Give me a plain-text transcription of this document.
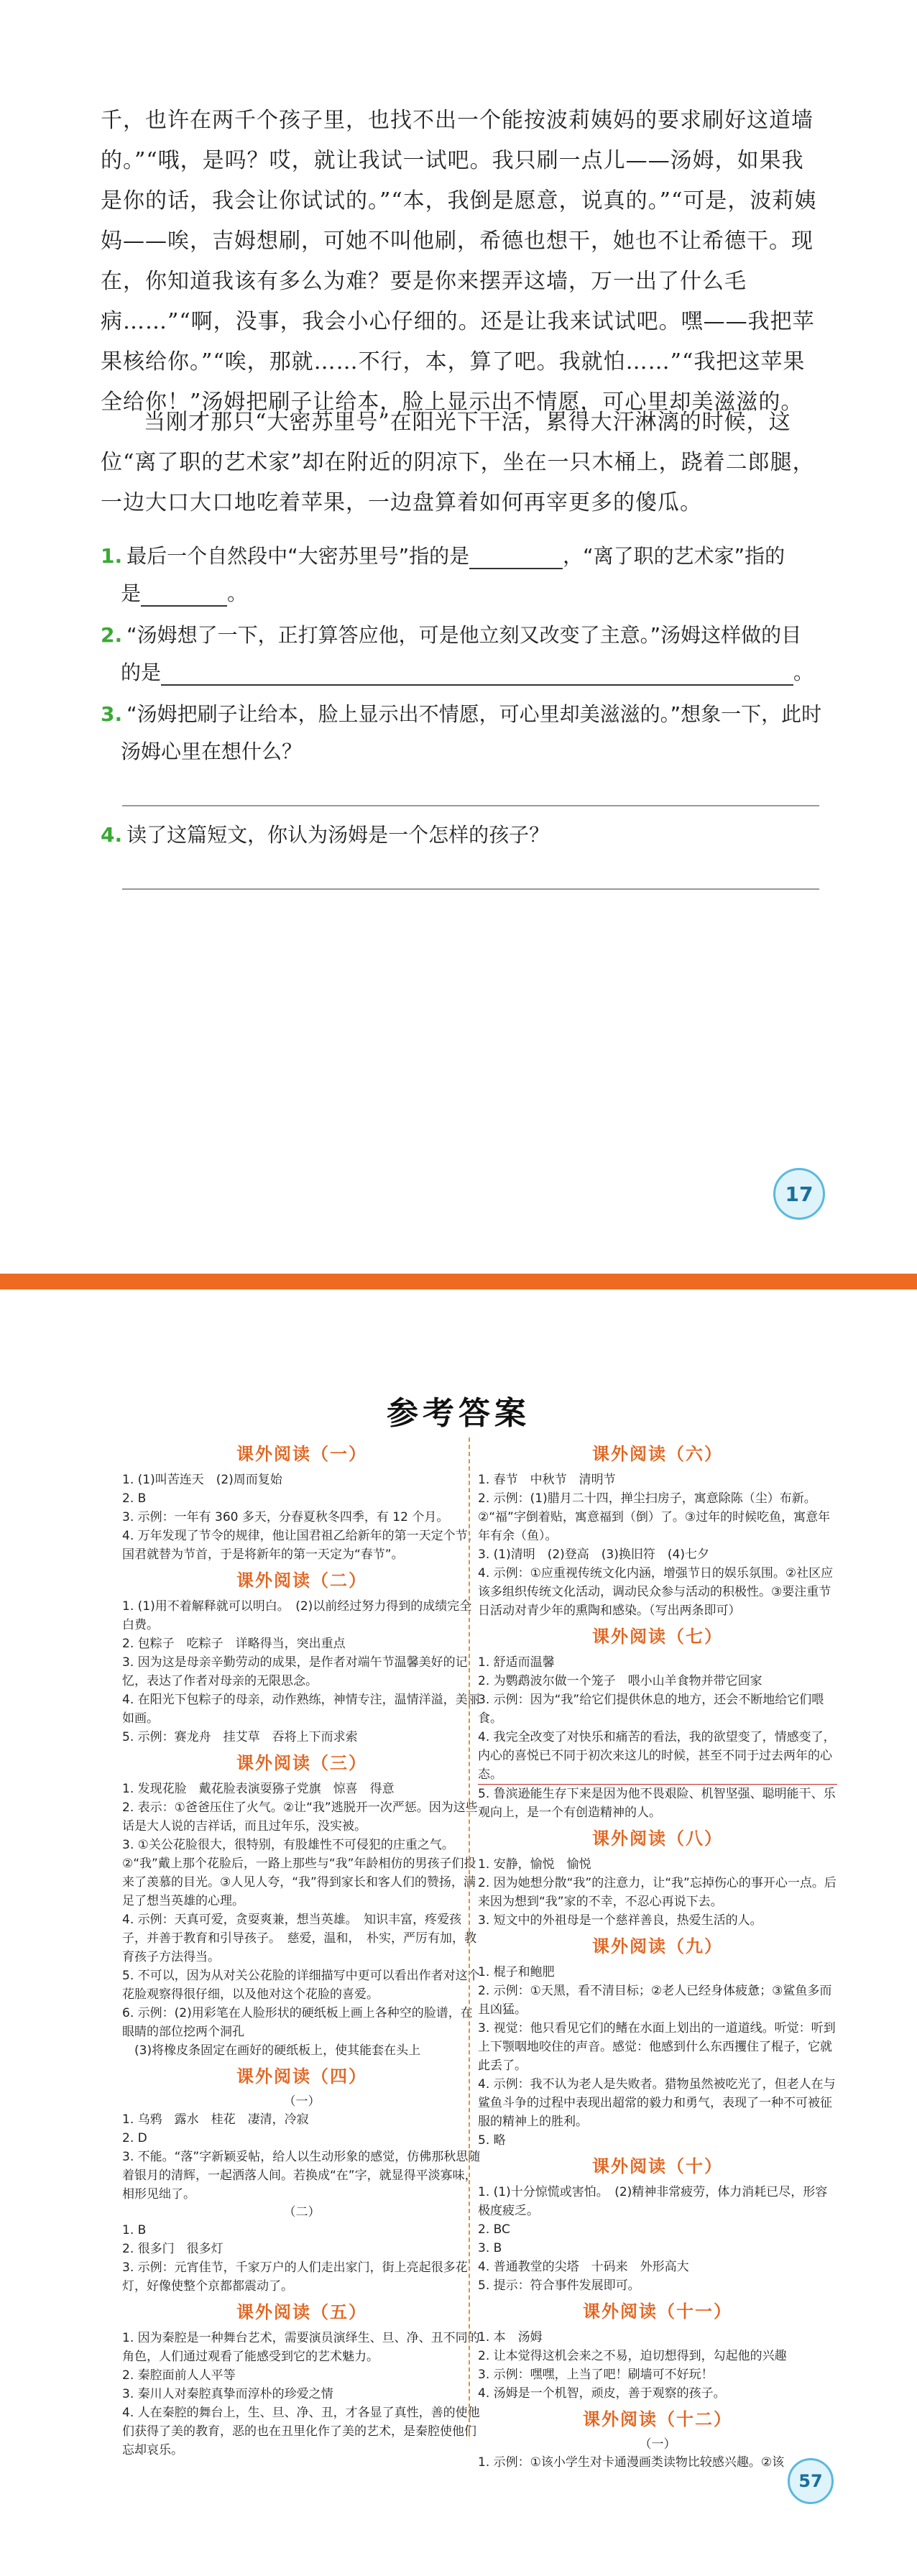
千，也许在两千个孩子里，也找不出一个能按波莉姨妈的要求刷好这道墙的。”“哦，是吗？哎，就让我试一试吧。我只刷一点儿——汤姆，如果我是你的话，我会让你试试的。”“本，我倒是愿意，说真的。”“可是，波莉姨妈——唉，吉姆想刷，可她不叫他刷，希德也想干，她也不让希德干。现在，你知道我该有多么为难？要是你来摆弄这墙，万一出了什么毛病……”“啊，没事，我会小心仔细的。还是让我来试试吧。嘿——我把苹果核给你。”“唉，那就……不行，本，算了吧。我就怕……”“我把这苹果全给你！”汤姆把刷子让给本，脸上显示出不情愿，可心里却美滋滋的。
当刚才那只“大密苏里号”在阳光下干活，累得大汗淋漓的时候，这位“离了职的艺术家”却在附近的阴凉下，坐在一只木桶上，跷着二郎腿，一边大口大口地吃着苹果，一边盘算着如何再宰更多的傻瓜。
1. 最后一个自然段中“大密苏里号”指的是	，“离了职的艺术家”指的
是	。
2. “汤姆想了一下，正打算答应他，可是他立刻又改变了主意。”汤姆这样做的目
的是	。
3. “汤姆把刷子让给本，脸上显示出不情愿，可心里却美滋滋的。”想象一下，此时
汤姆心里在想什么？
4. 读了这篇短文，你认为汤姆是一个怎样的孩子？
17
参考答案
课外阅读（一）
1. (1)叫苦连天　(2)周而复始
2. B
3. 示例：一年有 360 多天，分春夏秋冬四季，有 12 个月。
4. 万年发现了节令的规律，他让国君祖乙给新年的第一天定个节，国君就替为节首，于是将新年的第一天定为“春节”。
课外阅读（二）
1. (1)用不着解释就可以明白。　(2)以前经过努力得到的成绩完全白费。
2. 包粽子　吃粽子　详略得当，突出重点
3. 因为这是母亲辛勤劳动的成果，是作者对端午节温馨美好的记忆，表达了作者对母亲的无限思念。
4. 在阳光下包粽子的母亲，动作熟练，神情专注，温情洋溢，美丽如画。
5. 示例：赛龙舟　挂艾草　吞将上下而求索
课外阅读（三）
1. 发现花脸　戴花脸表演耍猕子党旗　惊喜　得意
2. 表示：①爸爸压住了火气。②让“我”逃脱开一次严惩。因为这些话是大人说的吉祥话，而且过年乐，没实被。
3. ①关公花脸很大，很特别，有股雄性不可侵犯的庄重之气。②“我”戴上那个花脸后，一路上那些与“我”年龄相仿的男孩子们投来了羡慕的目光。③人见人夸，“我”得到家长和客人们的赞扬，满足了想当英雄的心理。
4. 示例：天真可爱，贪耍爽兼，想当英雄。　知识丰富，疼爱孩子，并善于教育和引导孩子。　慈爱，温和，　朴实，严厉有加，教育孩子方法得当。
5. 不可以，因为从对关公花脸的详细描写中更可以看出作者对这个花脸观察得很仔细，以及他对这个花脸的喜爱。
6. 示例：(2)用彩笔在人脸形状的硬纸板上画上各种空的脸谱，在眼睛的部位挖两个洞孔
　(3)将橡皮条固定在画好的硬纸板上，使其能套在头上
课外阅读（四）
（一）
1. 乌鸦　露水　桂花　凄清，冷寂
2. D
3. 不能。“落”字新颖妥帖，给人以生动形象的感觉，仿佛那秋思随着银月的清辉，一起洒落人间。若换成“在”字，就显得平淡寡味，相形见绌了。
（二）
1. B
2. 很多门　很多灯
3. 示例：元宵佳节，千家万户的人们走出家门，街上亮起很多花灯，好像使整个京都都震动了。
课外阅读（五）
1. 因为秦腔是一种舞台艺术，需要演员演绎生、旦、净、丑不同的角色，人们通过观看了能感受到它的艺术魅力。
2. 秦腔面前人人平等
3. 秦川人对秦腔真挚而淳朴的珍爱之情
4. 人在秦腔的舞台上，生、旦、净、丑，才各显了真性，善的使他们获得了美的教育，恶的也在丑里化作了美的艺术，是秦腔使他们忘却哀乐。
课外阅读（六）
1. 春节　中秋节　清明节
2. 示例：(1)腊月二十四，掸尘扫房子，寓意除陈（尘）布新。②“福”字倒着贴，寓意福到（倒）了。③过年的时候吃鱼，寓意年年有余（鱼）。
3. (1)清明　(2)登高　(3)换旧符　(4)七夕
4. 示例：①应重视传统文化内涵，增强节日的娱乐氛围。②社区应该多组织传统文化活动，调动民众参与活动的积极性。③要注重节日活动对青少年的熏陶和感染。（写出两条即可）
课外阅读（七）
1. 舒适而温馨
2. 为鹦鹉波尔做一个笼子　喂小山羊食物并带它回家
3. 示例：因为“我”给它们提供休息的地方，还会不断地给它们喂食。
4. 我完全改变了对快乐和痛苦的看法，我的欲望变了，情感变了，内心的喜悦已不同于初次来这儿的时候，甚至不同于过去两年的心态。
5. 鲁滨逊能生存下来是因为他不畏艰险、机智坚强、聪明能干、乐观向上，是一个有创造精神的人。
课外阅读（八）
1. 安静，愉悦　愉悦
2. 因为她想分散“我”的注意力，让“我”忘掉伤心的事开心一点。后来因为想到“我”家的不幸，不忍心再说下去。
3. 短文中的外祖母是一个慈祥善良，热爱生活的人。
课外阅读（九）
1. 棍子和鲍肥
2. 示例：①天黑，看不清目标；②老人已经身体疲惫；③鲨鱼多而且凶猛。
3. 视觉：他只看见它们的鳍在水面上划出的一道道线。听觉：听到上下颚咽地咬住的声音。感觉：他感到什么东西攫住了棍子，它就此丢了。
4. 示例：我不认为老人是失败者。猎物虽然被吃光了，但老人在与鲨鱼斗争的过程中表现出超常的毅力和勇气，表现了一种不可被征服的精神上的胜利。
5. 略
课外阅读（十）
1. (1)十分惊慌或害怕。　(2)精神非常疲劳，体力消耗已尽，形容极度疲乏。
2. BC
3. B
4. 普通教堂的尖塔　十码来　外形高大
5. 提示：符合事件发展即可。
课外阅读（十一）
1. 本　汤姆
2. 让本觉得这机会来之不易，迫切想得到，勾起他的兴趣
3. 示例：嘿嘿，上当了吧！刷墙可不好玩！
4. 汤姆是一个机智，顽皮，善于观察的孩子。
课外阅读（十二）
（一）
1. 示例：①该小学生对卡通漫画类读物比较感兴趣。②该
57
